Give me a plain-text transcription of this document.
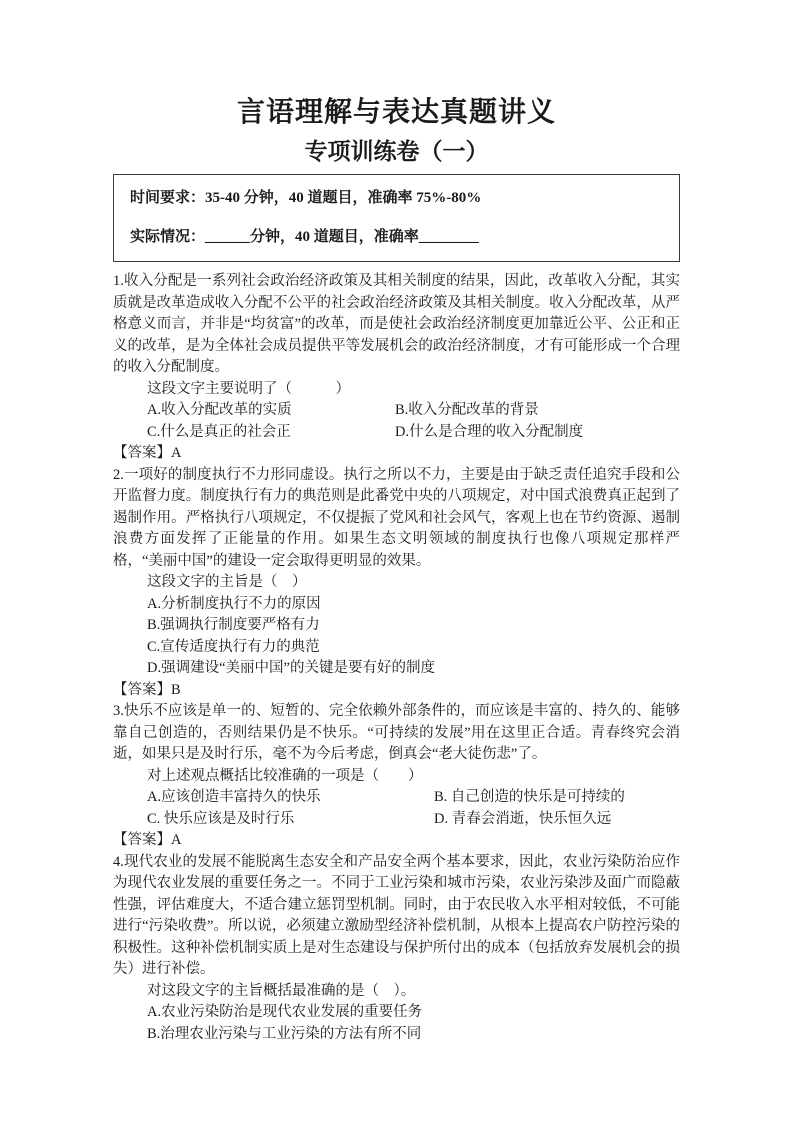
言语理解与表达真题讲义
专项训练卷（一）

时间要求：35-40 分钟，40 道题目，准确率 75%-80%

实际情况：______分钟，40 道题目，准确率________

1.收入分配是一系列社会政治经济政策及其相关制度的结果，因此，改革收入分配，其实质就是改革造成收入分配不公平的社会政治经济政策及其相关制度。收入分配改革，从严格意义而言，并非是“均贫富”的改革，而是使社会政治经济制度更加靠近公平、公正和正义的改革，是为全体社会成员提供平等发展机会的政治经济制度，才有可能形成一个合理的收入分配制度。

这段文字主要说明了（　　　）

A.收入分配改革的实质	B.收入分配改革的背景
C.什么是真正的社会正	D.什么是合理的收入分配制度

【答案】A

2.一项好的制度执行不力形同虚设。执行之所以不力，主要是由于缺乏责任追究手段和公开监督力度。制度执行有力的典范则是此番党中央的八项规定，对中国式浪费真正起到了遏制作用。严格执行八项规定，不仅提振了党风和社会风气，客观上也在节约资源、遏制浪费方面发挥了正能量的作用。如果生态文明领域的制度执行也像八项规定那样严格，“美丽中国”的建设一定会取得更明显的效果。

这段文字的主旨是（　）

A.分析制度执行不力的原因

B.强调执行制度要严格有力

C.宣传适度执行有力的典范

D.强调建设“美丽中国”的关键是要有好的制度

【答案】B

3.快乐不应该是单一的、短暂的、完全依赖外部条件的，而应该是丰富的、持久的、能够靠自己创造的，否则结果仍是不快乐。“可持续的发展”用在这里正合适。青春终究会消逝，如果只是及时行乐，毫不为今后考虑，倒真会“老大徒伤悲”了。

对上述观点概括比较准确的一项是（　　）

A.应该创造丰富持久的快乐	B. 自己创造的快乐是可持续的
C. 快乐应该是及时行乐	D. 青春会消逝，快乐恒久远

【答案】A

4.现代农业的发展不能脱离生态安全和产品安全两个基本要求，因此，农业污染防治应作为现代农业发展的重要任务之一。不同于工业污染和城市污染，农业污染涉及面广而隐蔽性强，评估难度大，不适合建立惩罚型机制。同时，由于农民收入水平相对较低，不可能进行“污染收费”。所以说，必须建立激励型经济补偿机制，从根本上提高农户防控污染的积极性。这种补偿机制实质上是对生态建设与保护所付出的成本（包括放弃发展机会的损失）进行补偿。

对这段文字的主旨概括最准确的是（　）。

A.农业污染防治是现代农业发展的重要任务

B.治理农业污染与工业污染的方法有所不同
